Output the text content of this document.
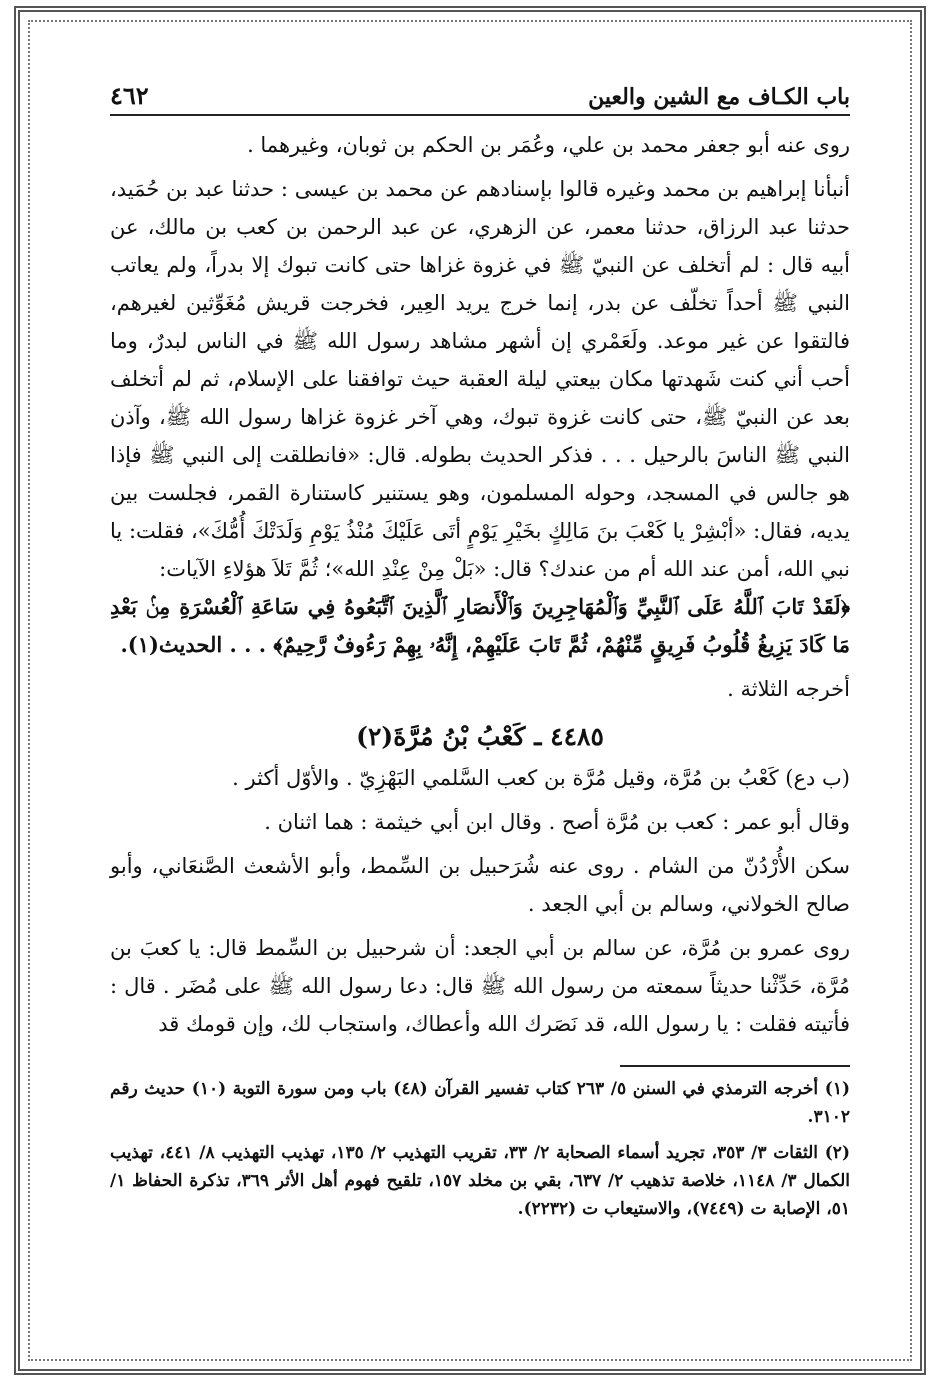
باب الكـاف مع الشين والعين
٤٦٢

روى عنه أبو جعفر محمد بن علي، وعُمَر بن الحكم بن ثوبان، وغيرهما .

أنبأنا إبراهيم بن محمد وغيره قالوا بإسنادهم عن محمد بن عيسى : حدثنا عبد بن حُمَيد، حدثنا عبد الرزاق، حدثنا معمر، عن الزهري، عن عبد الرحمن بن كعب بن مالك، عن أبيه قال : لم أتخلف عن النبيّ ﷺ في غزوة غزاها حتى كانت تبوك إلا بدراً، ولم يعاتب النبي ﷺ أحداً تخلّف عن بدر، إنما خرج يريد العِير، فخرجت قريش مُغَوِّثين لغيرهم، فالتقوا عن غير موعد. ولَعَمْري إن أشهر مشاهد رسول الله ﷺ في الناس لبدرٌ، وما أحب أني كنت شَهدتها مكان بيعتي ليلة العقبة حيث توافقنا على الإسلام، ثم لم أتخلف بعد عن النبيّ ﷺ، حتى كانت غزوة تبوك، وهي آخر غزوة غزاها رسول الله ﷺ، وآذن النبي ﷺ الناسَ بالرحيل . . . فذكر الحديث بطوله. قال: «فانطلقت إلى النبي ﷺ فإذا هو جالس في المسجد، وحوله المسلمون، وهو يستنير كاستنارة القمر، فجلست بين يديه، فقال: «أبْشِرْ يا كَعْبَ بنَ مَالِكٍ بخَيْرِ يَوْمٍ أتَى عَلَيْكَ مُنْذُ يَوْمِ وَلَدَتْكَ أُمُّكَ»، فقلت: يا نبي الله، أمن عند الله أم من عندك؟ قال: «بَلْ مِنْ عِنْدِ الله»؛ ثُمَّ تَلاَ هؤلاءِ الآيات:

﴿لَقَدْ تَابَ ٱللَّهُ عَلَى ٱلنَّبِيِّ وَٱلْمُهَاجِرِينَ وَٱلْأَنصَارِ ٱلَّذِينَ ٱتَّبَعُوهُ فِي سَاعَةِ ٱلْعُسْرَةِ مِنۢ بَعْدِ مَا كَادَ يَزِيغُ قُلُوبُ فَرِيقٍ مِّنْهُمْ، ثُمَّ تَابَ عَلَيْهِمْ، إِنَّهُۥ بِهِمْ رَءُوفٌ رَّحِيمٌ﴾ . . . الحديث(١).

أخرجه الثلاثة .

٤٤٨٥ ـ كَعْبُ بْنُ مُرَّةَ(٢)

(ب دع) كَعْبُ بن مُرَّة، وقيل مُرَّة بن كعب السَّلمي البَهْزِيّ . والأوّل أكثر .

وقال أبو عمر : كعب بن مُرَّة أصح . وقال ابن أبي خيثمة : هما اثنان .

سكن الأُرْدُنّ من الشام . روى عنه شُرَحبيل بن السِّمط، وأبو الأشعث الصَّنعَاني، وأبو صالح الخولاني، وسالم بن أبي الجعد .

روى عمرو بن مُرَّة، عن سالم بن أبي الجعد: أن شرحبيل بن السِّمط قال: يا كعبَ بن مُرَّة، حَدِّثْنا حديثاً سمعته من رسول الله ﷺ قال: دعا رسول الله ﷺ على مُضَر . قال : فأتيته فقلت : يا رسول الله، قد نَصَرك الله وأعطاك، واستجاب لك، وإن قومك قد

(١) أخرجه الترمذي في السنن ٥/ ٢٦٣ كتاب تفسير القرآن (٤٨) باب ومن سورة التوبة (١٠) حديث رقم ٣١٠٢.

(٢) الثقات ٣/ ٣٥٣، تجريد أسماء الصحابة ٢/ ٣٣، تقريب التهذيب ٢/ ١٣٥، تهذيب التهذيب ٨/ ٤٤١، تهذيب الكمال ٣/ ١١٤٨، خلاصة تذهيب ٢/ ٦٣٧، بقي بن مخلد ١٥٧، تلقيح فهوم أهل الأثر ٣٦٩، تذكرة الحفاظ ١/ ٥١، الإصابة ت (٧٤٤٩)، والاستيعاب ت (٢٢٣٢).
